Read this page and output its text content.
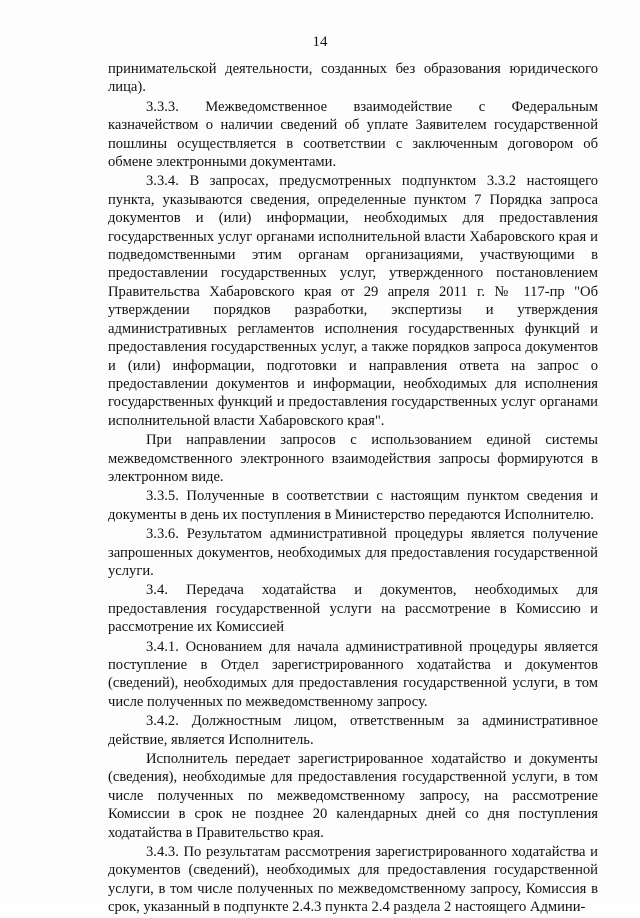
14

принимательской деятельности, созданных без образования юридического лица).

3.3.3. Межведомственное взаимодействие с Федеральным казначейством о наличии сведений об уплате Заявителем государственной пошлины осуществляется в соответствии с заключенным договором об обмене электронными документами.

3.3.4. В запросах, предусмотренных подпунктом 3.3.2 настоящего пункта, указываются сведения, определенные пунктом 7 Порядка запроса документов и (или) информации, необходимых для предоставления государственных услуг органами исполнительной власти Хабаровского края и подведомственными этим органам организациями, участвующими в предоставлении государственных услуг, утвержденного постановлением Правительства Хабаровского края от 29 апреля 2011 г. № 117-пр "Об утверждении порядков разработки, экспертизы и утверждения административных регламентов исполнения государственных функций и предоставления государственных услуг, а также порядков запроса документов и (или) информации, подготовки и направления ответа на запрос о предоставлении документов и информации, необходимых для исполнения государственных функций и предоставления государственных услуг органами исполнительной власти Хабаровского края".

При направлении запросов с использованием единой системы межведомственного электронного взаимодействия запросы формируются в электронном виде.

3.3.5. Полученные в соответствии с настоящим пунктом сведения и документы в день их поступления в Министерство передаются Исполнителю.

3.3.6. Результатом административной процедуры является получение запрошенных документов, необходимых для предоставления государственной услуги.

3.4. Передача ходатайства и документов, необходимых для предоставления государственной услуги на рассмотрение в Комиссию и рассмотрение их Комиссией

3.4.1. Основанием для начала административной процедуры является поступление в Отдел зарегистрированного ходатайства и документов (сведений), необходимых для предоставления государственной услуги, в том числе полученных по межведомственному запросу.

3.4.2. Должностным лицом, ответственным за административное действие, является Исполнитель.

Исполнитель передает зарегистрированное ходатайство и документы (сведения), необходимые для предоставления государственной услуги, в том числе полученных по межведомственному запросу, на рассмотрение Комиссии в срок не позднее 20 календарных дней со дня поступления ходатайства в Правительство края.

3.4.3. По результатам рассмотрения зарегистрированного ходатайства и документов (сведений), необходимых для предоставления государственной услуги, в том числе полученных по межведомственному запросу, Комиссия в срок, указанный в подпункте 2.4.3 пункта 2.4 раздела 2 настоящего Админи-
